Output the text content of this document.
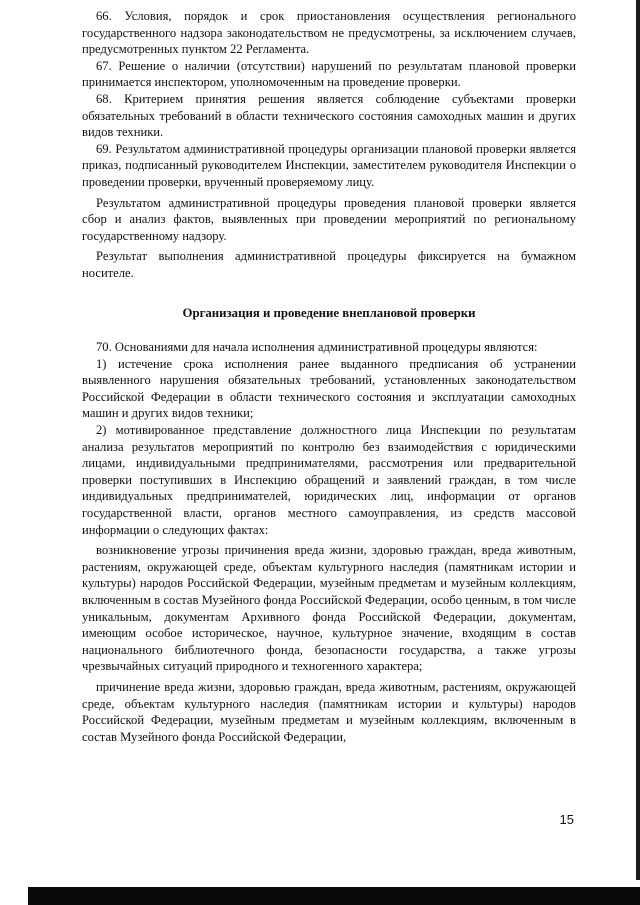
66. Условия, порядок и срок приостановления осуществления регионального государственного надзора законодательством не предусмотрены, за исключением случаев, предусмотренных пунктом 22 Регламента.

67. Решение о наличии (отсутствии) нарушений по результатам плановой проверки принимается инспектором, уполномоченным на проведение проверки.

68. Критерием принятия решения является соблюдение субъектами проверки обязательных требований в области технического состояния самоходных машин и других видов техники.

69. Результатом административной процедуры организации плановой проверки является приказ, подписанный руководителем Инспекции, заместителем руководителя Инспекции о проведении проверки, врученный проверяемому лицу.

Результатом административной процедуры проведения плановой проверки является сбор и анализ фактов, выявленных при проведении мероприятий по региональному государственному надзору.

Результат выполнения административной процедуры фиксируется на бумажном носителе.

Организация и проведение внеплановой проверки

70. Основаниями для начала исполнения административной процедуры являются:

1) истечение срока исполнения ранее выданного предписания об устранении выявленного нарушения обязательных требований, установленных законодательством Российской Федерации в области технического состояния и эксплуатации самоходных машин и других видов техники;

2) мотивированное представление должностного лица Инспекции по результатам анализа результатов мероприятий по контролю без взаимодействия с юридическими лицами, индивидуальными предпринимателями, рассмотрения или предварительной проверки поступивших в Инспекцию обращений и заявлений граждан, в том числе индивидуальных предпринимателей, юридических лиц, информации от органов государственной власти, органов местного самоуправления, из средств массовой информации о следующих фактах:

возникновение угрозы причинения вреда жизни, здоровью граждан, вреда животным, растениям, окружающей среде, объектам культурного наследия (памятникам истории и культуры) народов Российской Федерации, музейным предметам и музейным коллекциям, включенным в состав Музейного фонда Российской Федерации, особо ценным, в том числе уникальным, документам Архивного фонда Российской Федерации, документам, имеющим особое историческое, научное, культурное значение, входящим в состав национального библиотечного фонда, безопасности государства, а также угрозы чрезвычайных ситуаций природного и техногенного характера;

причинение вреда жизни, здоровью граждан, вреда животным, растениям, окружающей среде, объектам культурного наследия (памятникам истории и культуры) народов Российской Федерации, музейным предметам и музейным коллекциям, включенным в состав Музейного фонда Российской Федерации,

15
